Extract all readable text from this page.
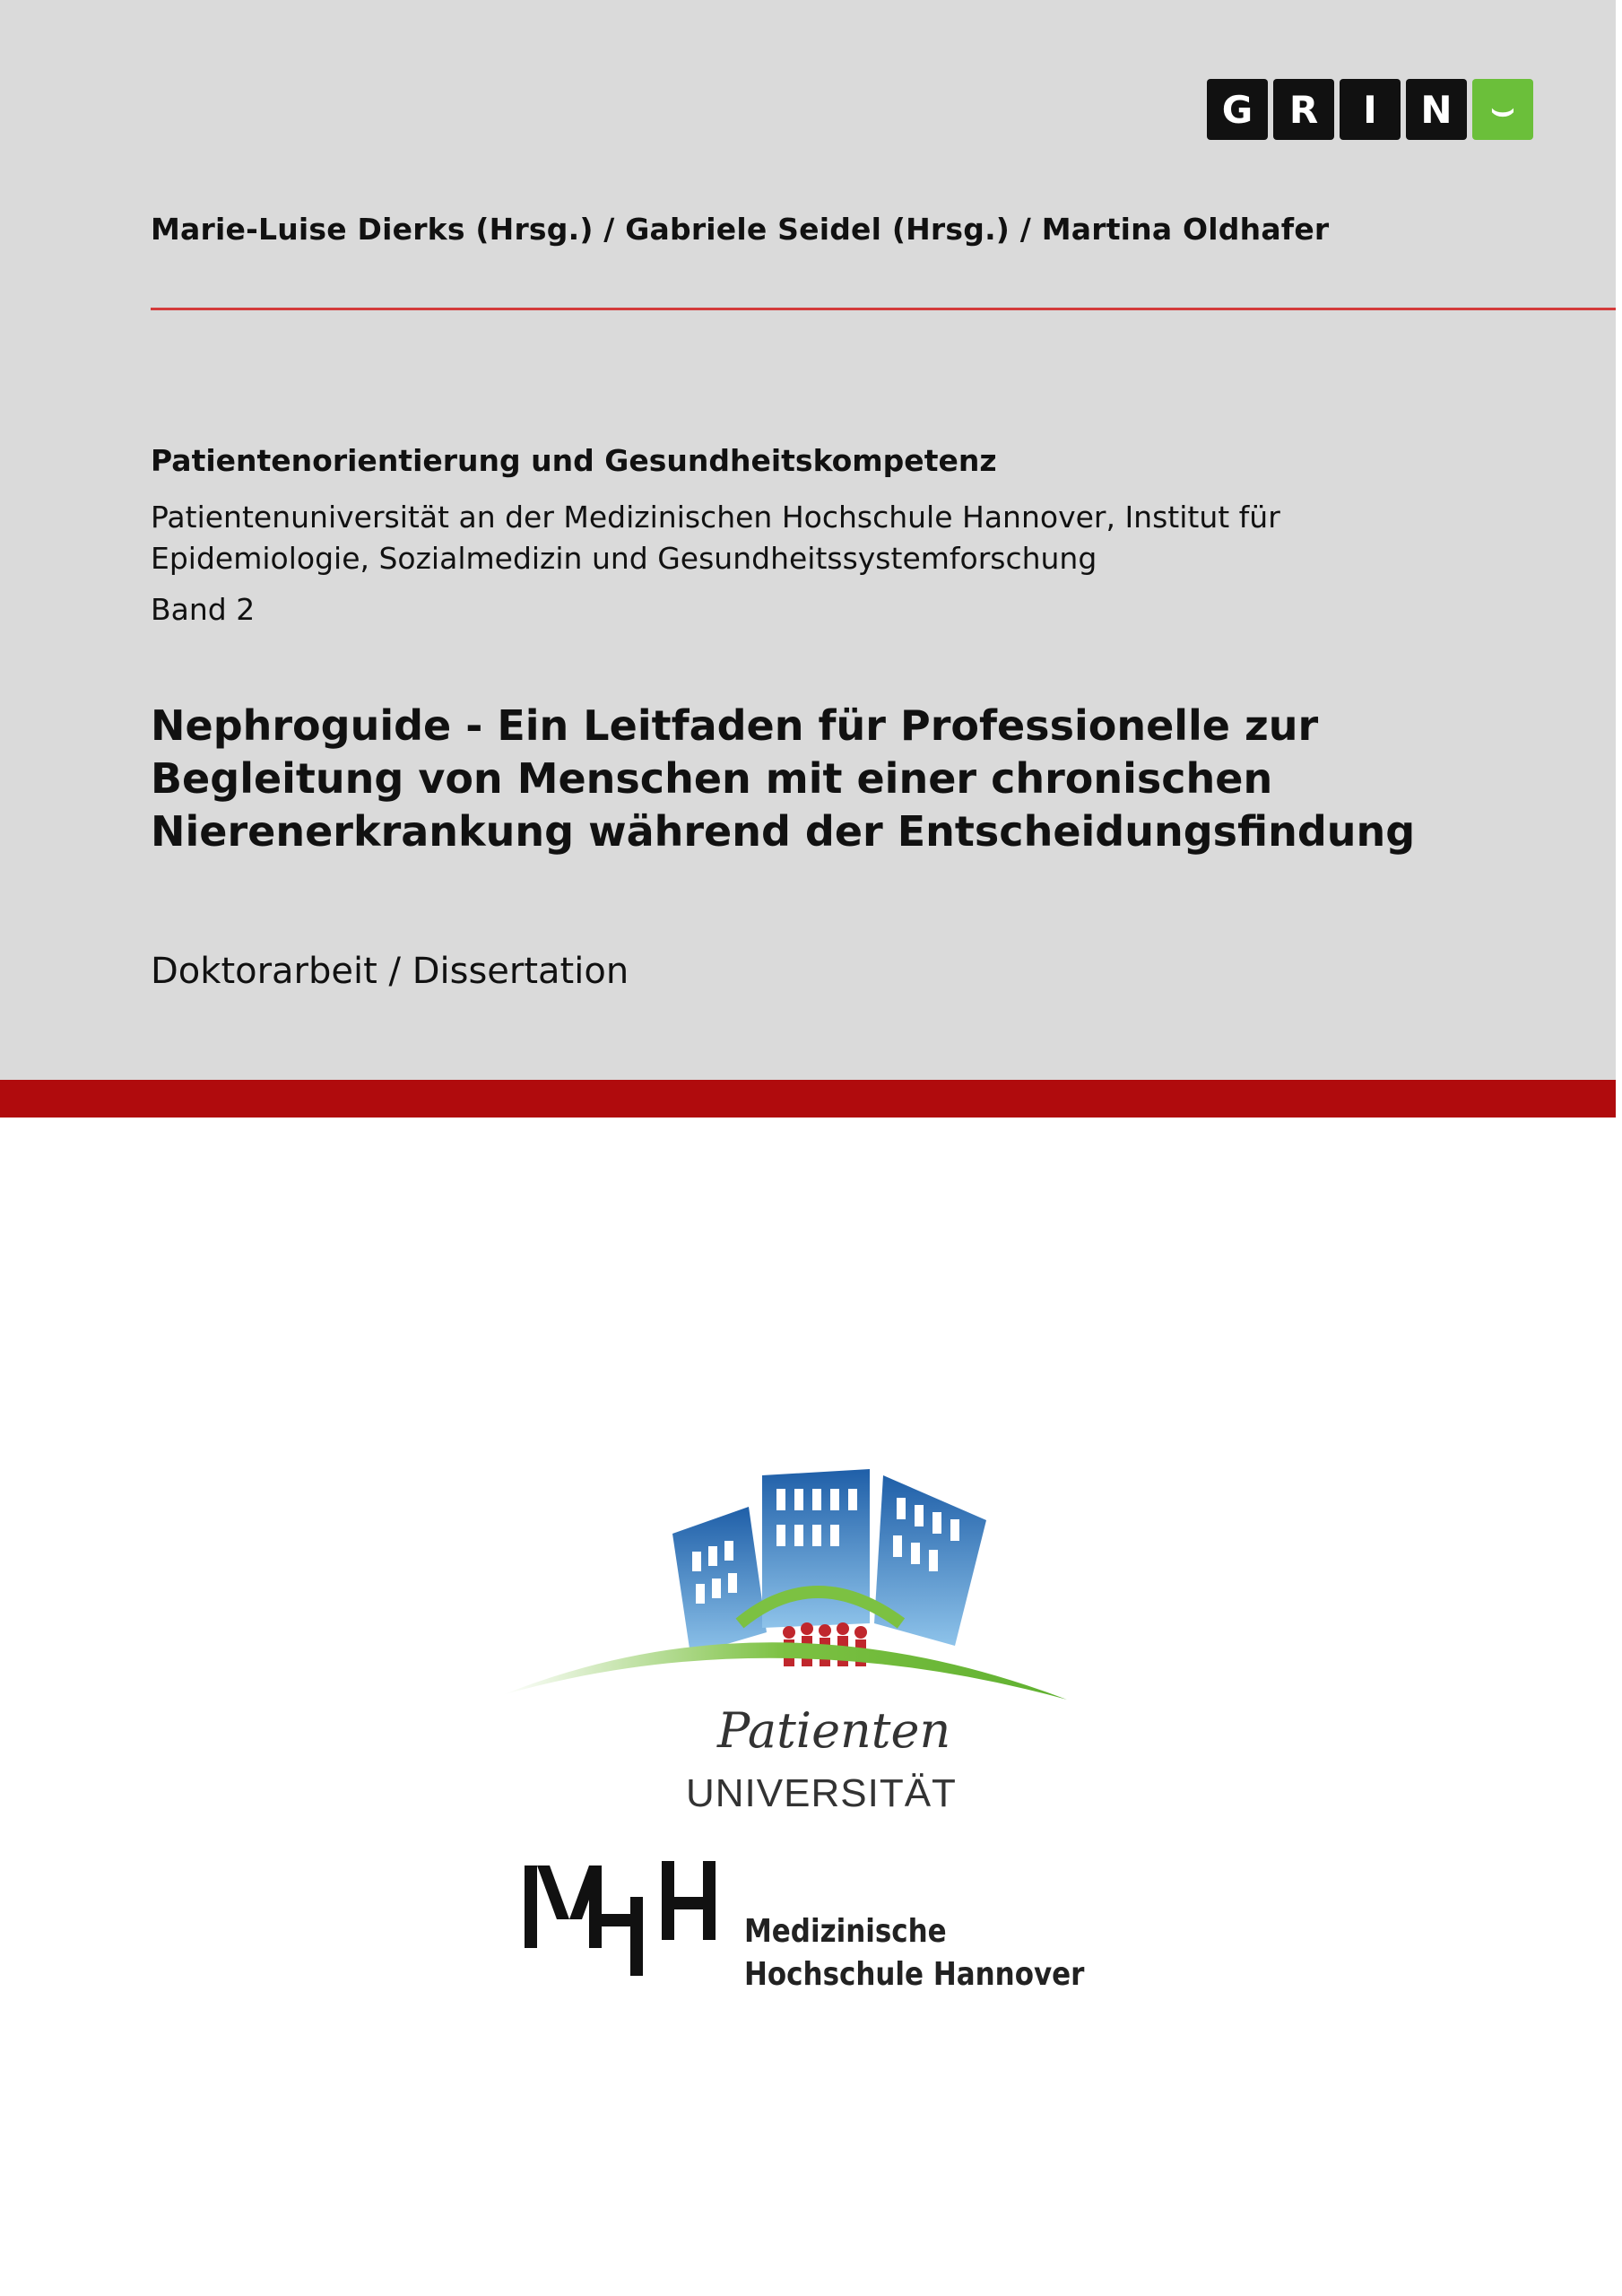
G R	I	N	⌣
Marie-Luise Dierks (Hrsg.) / Gabriele Seidel (Hrsg.) / Martina Oldhafer
Patientenorientierung und Gesundheitskompetenz
Patientenuniversität an der Medizinischen Hochschule Hannover, Institut für Epidemiologie, Sozialmedizin und Gesundheitssystemforschung
Band 2
Nephroguide - Ein Leitfaden für Professionelle zur Begleitung von Menschen mit einer chronischen Nierenerkrankung während der Entscheidungsfindung
Doktorarbeit / Dissertation
Patienten
UNIVERSITÄT
Medizinische Hochschule Hannover
